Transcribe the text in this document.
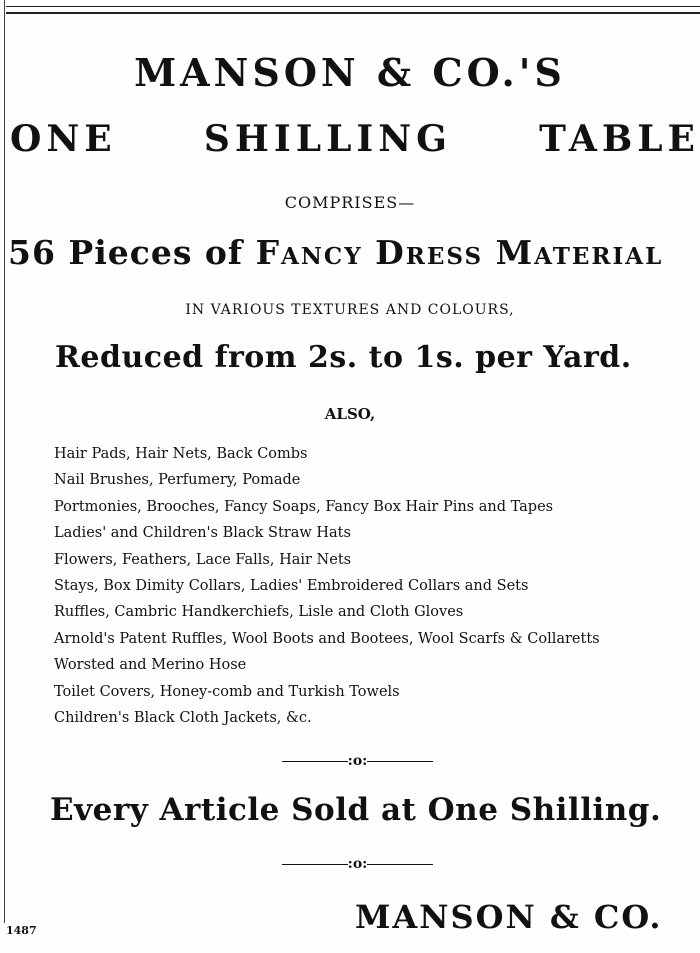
MANSON & CO.'S
ONE SHILLING TABLE
COMPRISES—
56 Pieces of Fancy Dress Material
IN VARIOUS TEXTURES AND COLOURS,
Reduced from 2s. to 1s. per Yard.
ALSO,
Hair Pads, Hair Nets, Back Combs
Nail Brushes, Perfumery, Pomade
Portmonies, Brooches, Fancy Soaps, Fancy Box Hair Pins and Tapes
Ladies' and Children's Black Straw Hats
Flowers, Feathers, Lace Falls, Hair Nets
Stays, Box Dimity Collars, Ladies' Embroidered Collars and Sets
Ruffles, Cambric Handkerchiefs, Lisle and Cloth Gloves
Arnold's Patent Ruffles, Wool Boots and Bootees, Wool Scarfs & Collaretts
Worsted and Merino Hose
Toilet Covers, Honey-comb and Turkish Towels
Children's Black Cloth Jackets, &c.
:o:
Every Article Sold at One Shilling.
:o:
1487	MANSON & CO.
